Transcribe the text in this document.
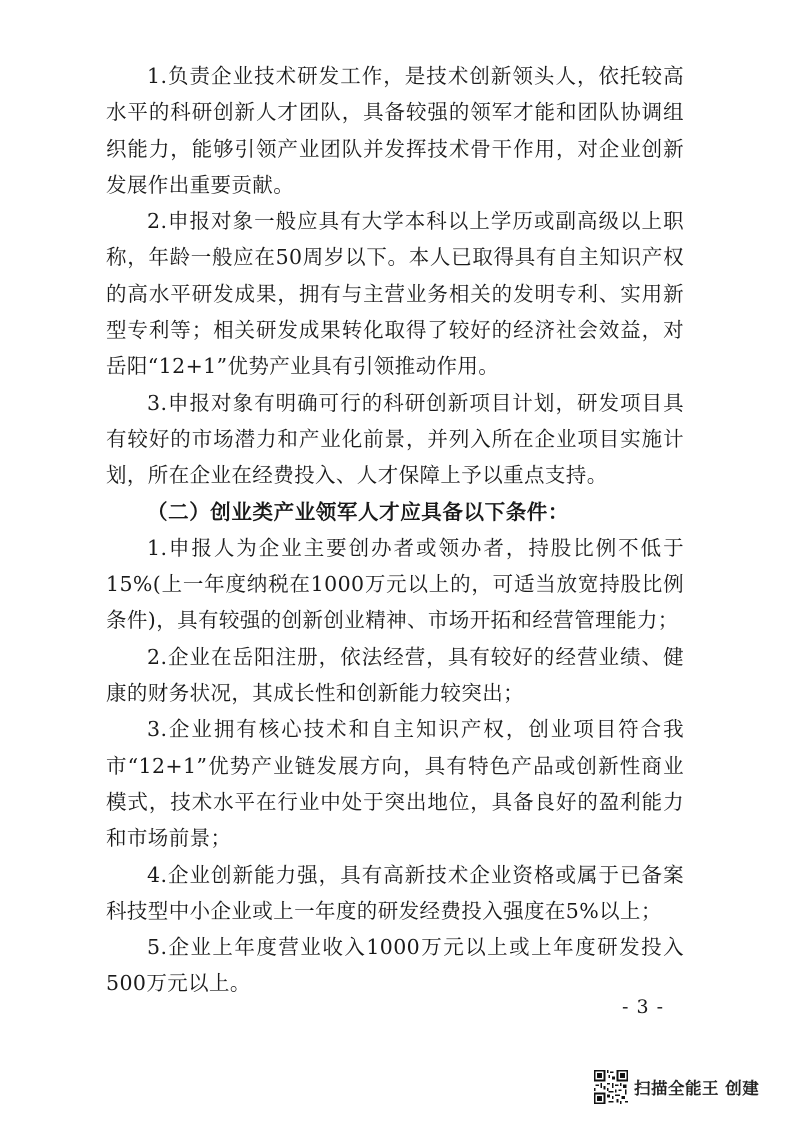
1.负责企业技术研发工作，是技术创新领头人，依托较高水平的科研创新人才团队，具备较强的领军才能和团队协调组织能力，能够引领产业团队并发挥技术骨干作用，对企业创新发展作出重要贡献。

2.申报对象一般应具有大学本科以上学历或副高级以上职称，年龄一般应在50周岁以下。本人已取得具有自主知识产权的高水平研发成果，拥有与主营业务相关的发明专利、实用新型专利等；相关研发成果转化取得了较好的经济社会效益，对岳阳“12+1”优势产业具有引领推动作用。

3.申报对象有明确可行的科研创新项目计划，研发项目具有较好的市场潜力和产业化前景，并列入所在企业项目实施计划，所在企业在经费投入、人才保障上予以重点支持。

（二）创业类产业领军人才应具备以下条件：

1.申报人为企业主要创办者或领办者，持股比例不低于15%(上一年度纳税在1000万元以上的，可适当放宽持股比例条件)，具有较强的创新创业精神、市场开拓和经营管理能力；

2.企业在岳阳注册，依法经营，具有较好的经营业绩、健康的财务状况，其成长性和创新能力较突出；

3.企业拥有核心技术和自主知识产权，创业项目符合我市“12+1”优势产业链发展方向，具有特色产品或创新性商业模式，技术水平在行业中处于突出地位，具备良好的盈利能力和市场前景；

4.企业创新能力强，具有高新技术企业资格或属于已备案科技型中小企业或上一年度的研发经费投入强度在5%以上；

5.企业上年度营业收入1000万元以上或上年度研发投入500万元以上。

- 3 -
扫描全能王 创建
